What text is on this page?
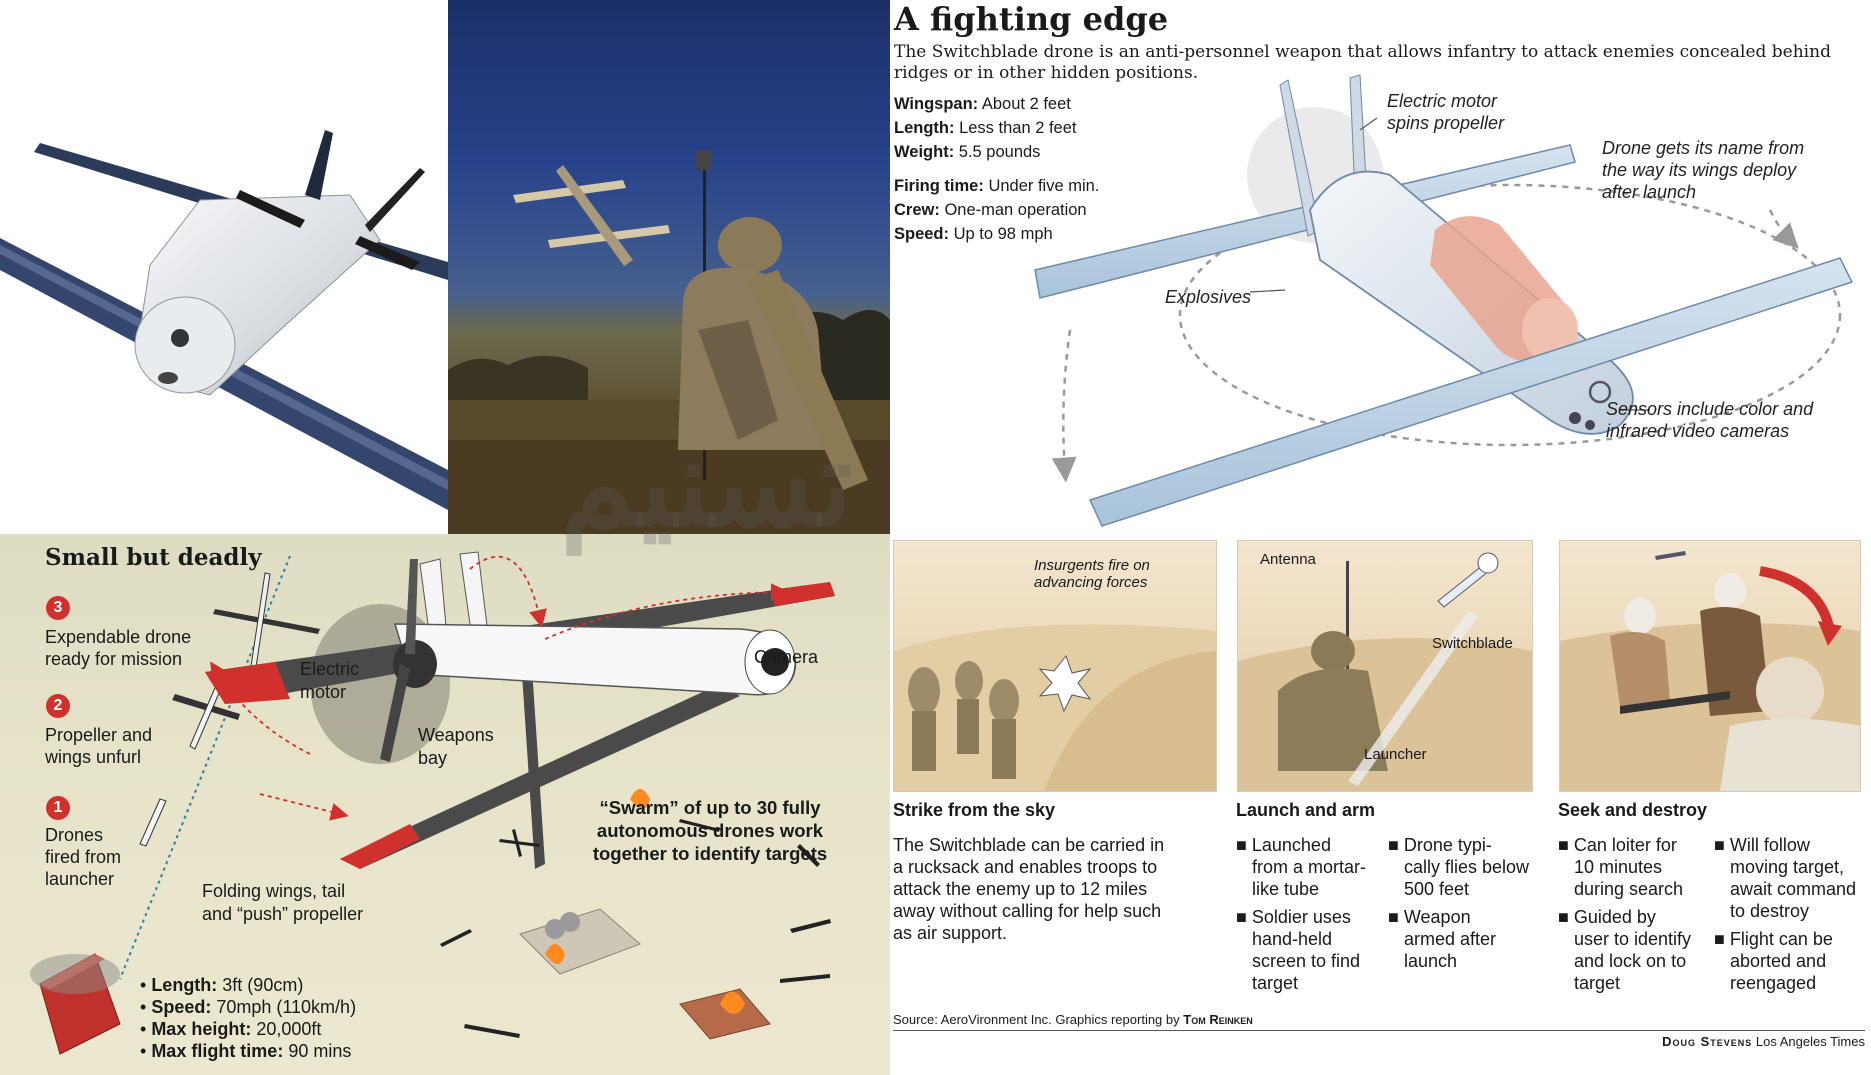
A fighting edge
The Switchblade drone is an anti-personnel weapon that allows infantry to attack enemies concealed behind ridges or in other hidden positions.
Wingspan: About 2 feet
Length: Less than 2 feet
Weight: 5.5 pounds
Firing time: Under five min.
Crew: One-man operation
Speed: Up to 98 mph
Electric motor
spins propeller
Drone gets its name from
the way its wings deploy
after launch
Explosives
Sensors include color and
infrared video cameras
Small but deadly
3
Expendable drone
ready for mission
2
Propeller and
wings unfurl
1
Drones
fired from
launcher
Electric
motor
Camera
Weapons
bay
Folding wings, tail
and “push” propeller
“Swarm” of up to 30 fully
autonomous drones work
together to identify targets
• Length: 3ft (90cm)
• Speed: 70mph (110km/h)
• Max height: 20,000ft
• Max flight time: 90 mins
Insurgents fire on
advancing forces
Antenna
Switchblade
Launcher
Strike from the sky
The Switchblade can be carried in
a rucksack and enables troops to
attack the enemy up to 12 miles
away without calling for help such
as air support.
Launch and arm
■ Launched
from a mortar-
like tube
■ Soldier uses
hand-held
screen to find
target
■ Drone typi-
cally flies below
500 feet
■ Weapon
armed after
launch
Seek and destroy
■ Can loiter for
10 minutes
during search
■ Guided by
user to identify
and lock on to
target
■ Will follow
moving target,
await command
to destroy
■ Flight can be
aborted and
reengaged
Source: AeroVironment Inc. Graphics reporting by Tom Reinken
Doug Stevens Los Angeles Times
تسنيم
